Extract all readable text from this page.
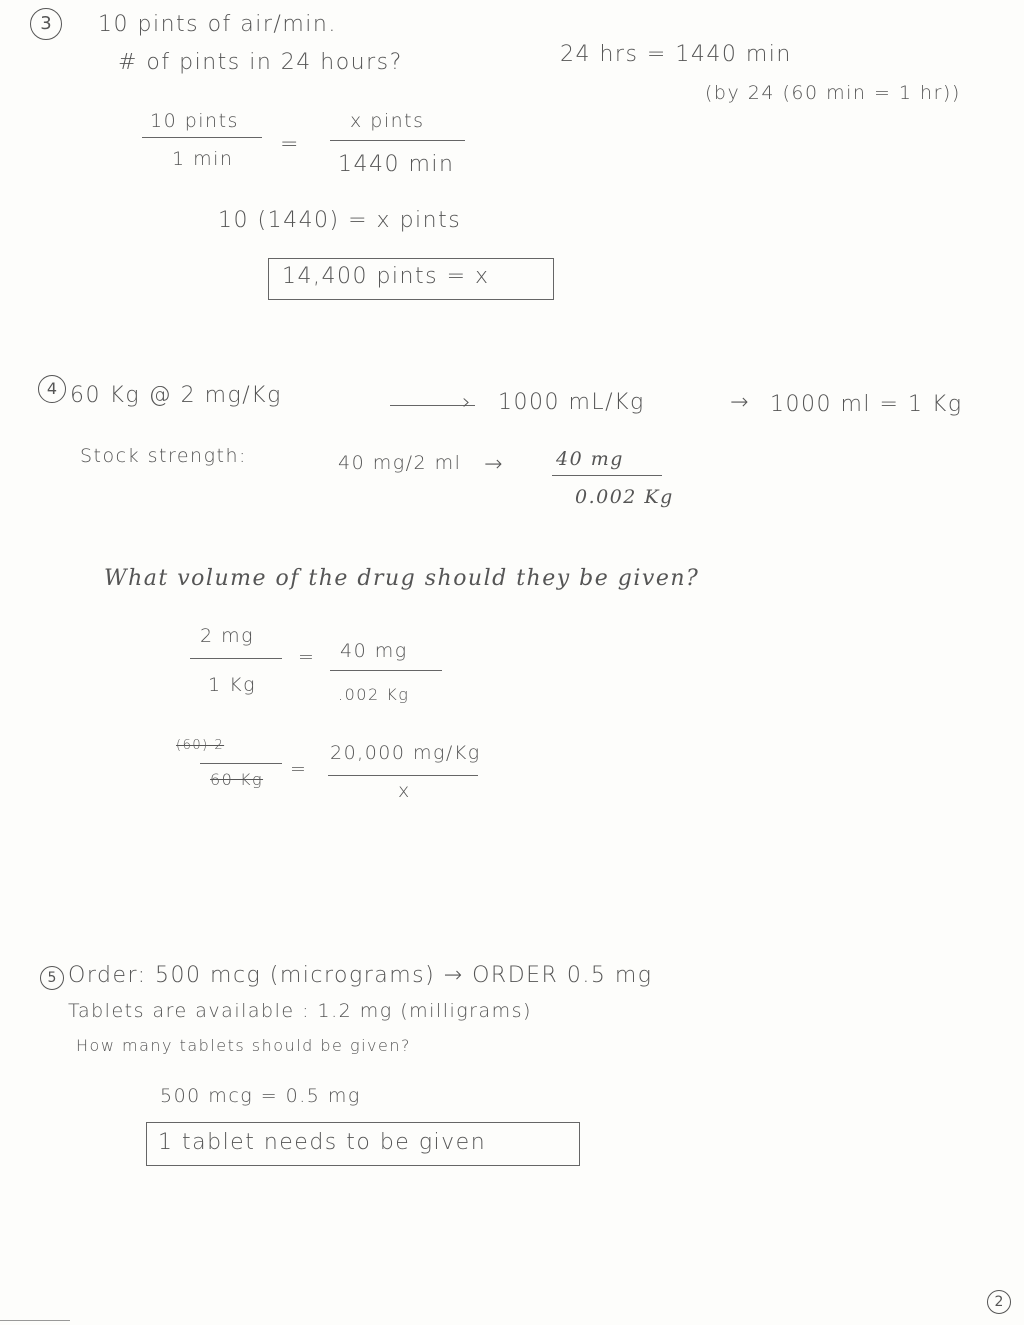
3	10 pints of air/min.
# of pints in 24 hours?	24 hrs = 1440 min
(by 24 (60 min = 1 hr))
10 pints
1 min
=
x pints
1440 min
10 (1440) = x pints
14,400 pints = x
4 60 Kg @ 2 mg/Kg	› 1000 mL/Kg	→ 1000 ml = 1 Kg
Stock strength:	40 mg/2 ml →	40 mg
0.002 Kg
What volume of the drug should they be given?
2 mg
1 Kg
= 40 mg
.002 Kg
(60) 2
60 Kg =
20,000 mg/Kg
x
5 Order: 500 mcg (micrograms) → ORDER 0.5 mg
Tablets are available : 1.2 mg (milligrams)
How many tablets should be given?
500 mcg = 0.5 mg
1 tablet needs to be given
2
